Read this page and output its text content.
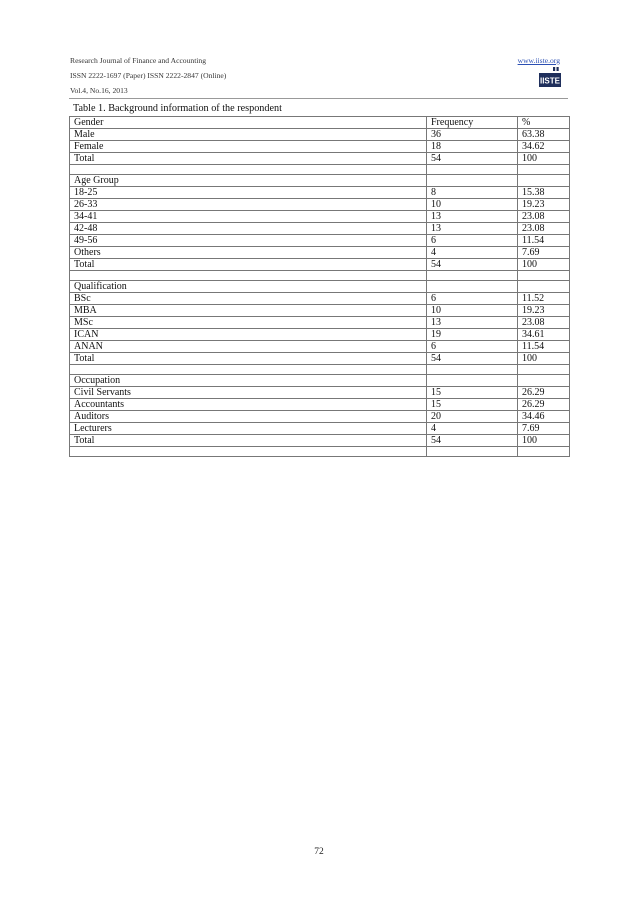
Research Journal of Finance and Accounting
ISSN 2222-1697 (Paper) ISSN 2222-2847 (Online)
Vol.4, No.16, 2013
www.iiste.org
IISTE
Table 1. Background information of the respondent
Gender	Frequency	%
Male	36	63.38
Female	18	34.62
Total	54	100

Age Group		
18-25	8	15.38
26-33	10	19.23
34-41	13	23.08
42-48	13	23.08
49-56	6	11.54
Others	4	7.69
Total	54	100

Qualification		
BSc	6	11.52
MBA	10	19.23
MSc	13	23.08
ICAN	19	34.61
ANAN	6	11.54
Total	54	100

Occupation		
Civil Servants	15	26.29
Accountants	15	26.29
Auditors	20	34.46
Lecturers	4	7.69
Total	54	100

72
